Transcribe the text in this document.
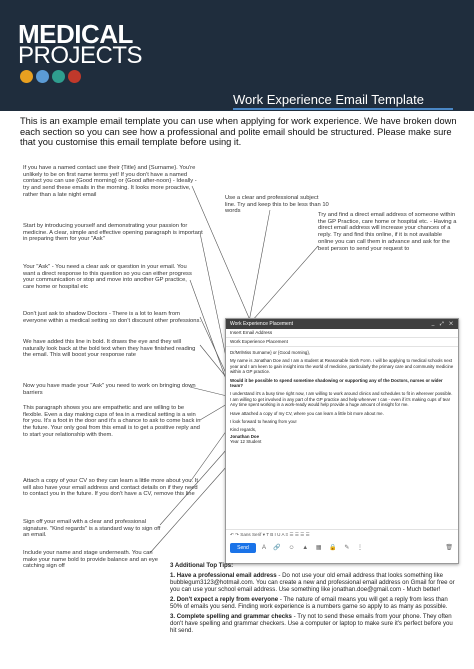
MEDICAL
PROJECTS
Work Experience Email Template
This is an example email template you can use when applying for work experience. We have broken down each section so you can see how a professional and polite email should be structured. Please make sure that you customise this email template before using it.
If you have a named contact use their {Title} and {Surname}. You're unlikely to be on first name terms yet! If you don't have a named contact you can use {Good morning} or {Good after-noon} - Ideally - try and send these emails in the morning. It looks more proactive, rather than a late night email
Use a clear and professional subject line. Try and keep this to be less than 10 words
Try and find a direct email address of someone within the GP Practice, care home or hospital etc. - Having a direct email address will increase your chances of a reply. Try and find this online, if it is not available online you can call them in advance and ask for the best person to send your request to
Start by introducing yourself and demonstrating your passion for medicine. A clear, simple and effective opening paragraph is important in preparing them for your "Ask"
Your "Ask" - You need a clear ask or question in your email. You want a direct response to this question so you can either progress your communication or stop and move into another GP practice, care home or hospital etc
Don't just ask to shadow Doctors - There is a lot to learn from everyone within a medical setting so don't discount other professions.
We have added this line in bold. It draws the eye and they will naturally look back at the bold text when they have finished reading the email. This will boost your response rate
Now you have made your "Ask" you need to work on bringing down barriers
This paragraph shows you are empathetic and are willing to be flexible. Even a day making cups of tea in a medical setting is a win for you. It's a foot in the door and it's a chance to ask to come back in the future. Your only goal from this email is to get a positive reply and to start your relationship with them.
Attach a copy of your CV so they can learn a little more about you. It will also have your email address and contact details on if they need to contact you in the future. If you don't have a CV, remove this line
Sign off your email with a clear and professional signature. "Kind regards" is a standard way to sign off an email.
Include your name and stage underneath. You can make your name bold to provide balance and an eye catching sign off
Work Experience Placement	_ ⤢ ✕
Insert Email Address
Work Experience Placement

Dr/Mr/Miss Surname} or {Good morning},

My name is Jonathan Doe and I am a student at Reasonable Sixth Form. I will be applying to medical schools next year and I am keen to gain insight into the world of medicine, particularly the primary care and community medicine within a GP practice.

Would it be possible to spend sometime shadowing or supporting any of the Doctors, nurses or wider team?

I understand it's a busy time right now, I am willing to work around clinics and schedules to fit in wherever possible. I am willing to get involved in any part of the GP practice and help wherever I can - even if it's making cups of tea! Any time spent working in a work-ready would help provide a huge amount of insight for me.

Have attached a copy of my CV, where you can learn a little bit more about me.

I look forward to hearing from you!

Kind regards,

Jonathan Doe

Year 12 Student

↶ ↷ Sans Serif ▾ T B I U A ≡ ☰ ☰ ☰ ☰
Send	A 🔗 ☺ ▲ ▦ 🔒 ✎ ⋮	🗑
3 Additional Top Tips:

1. Have a professional email address - Do not use your old email address that looks something like bubblegum3123@hotmail.com. You can create a new and professional email address on Gmail for free or you can use your school email address. Use something like jonathan.doe@gmail.com - Much better!

2. Don't expect a reply from everyone - The nature of email means you will get a reply from less than 50% of emails you send. Finding work experience is a numbers game so apply to as many as possible.

3. Complete spelling and grammar checks - Try not to send these emails from your phone. They often don't have spelling and grammar checkers. Use a computer or laptop to make sure it's perfect before you hit send.
